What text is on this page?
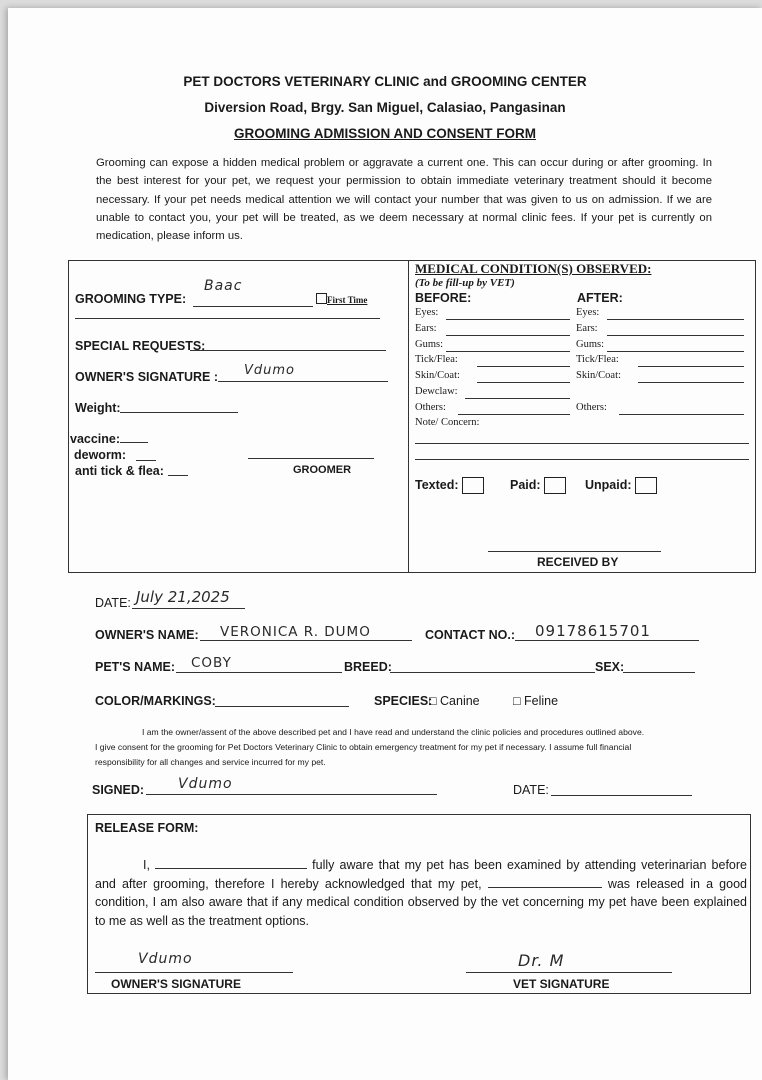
PET DOCTORS VETERINARY CLINIC and GROOMING CENTER
Diversion Road, Brgy. San Miguel, Calasiao, Pangasinan
GROOMING ADMISSION AND CONSENT FORM
Grooming can expose a hidden medical problem or aggravate a current one. This can occur during or after grooming. In the best interest for your pet, we request your permission to obtain immediate veterinary treatment should it become necessary. If your pet needs medical attention we will contact your number that was given to us on admission. If we are unable to contact you, your pet will be treated, as we deem necessary at normal clinic fees. If your pet is currently on medication, please inform us.
GROOMING TYPE:
Baac
First Time
SPECIAL REQUESTS:
OWNER'S SIGNATURE : Vdumo
Weight:
vaccine:
deworm:
anti tick & flea:	GROOMER
MEDICAL CONDITION(S) OBSERVED:
(To be fill-up by VET)
BEFORE:	AFTER:
Eyes:	Eyes:
Ears:	Ears:
Gums:	Gums:
Tick/Flea:	Tick/Flea:
Skin/Coat:	Skin/Coat:
Dewclaw:
Others:	Others:
Note/ Concern:
Texted:	Paid:	Unpaid:
RECEIVED BY
DATE: July 21,2025
OWNER'S NAME: VERONICA R. DUMO	CONTACT NO.: 09178615701
PET'S NAME: COBY	BREED:	SEX:
COLOR/MARKINGS:	SPECIES:
□ Canine	□ Feline
I am the owner/assent of the above described pet and I have read and understand the clinic policies and procedures outlined above.
I give consent for the grooming for Pet Doctors Veterinary Clinic to obtain emergency treatment for my pet if necessary. I assume full financial
responsibility for all changes and service incurred for my pet.
SIGNED: Vdumo	DATE:
RELEASE FORM:
I,	fully aware that my pet has been examined by attending veterinarian before and after grooming, therefore I hereby acknowledged that my pet,	was released in a good condition, I am also aware that if any medical condition observed by the vet concerning my pet have been explained to me as well as the treatment options.
Vdumo
OWNER'S SIGNATURE
Dr. M
VET SIGNATURE
